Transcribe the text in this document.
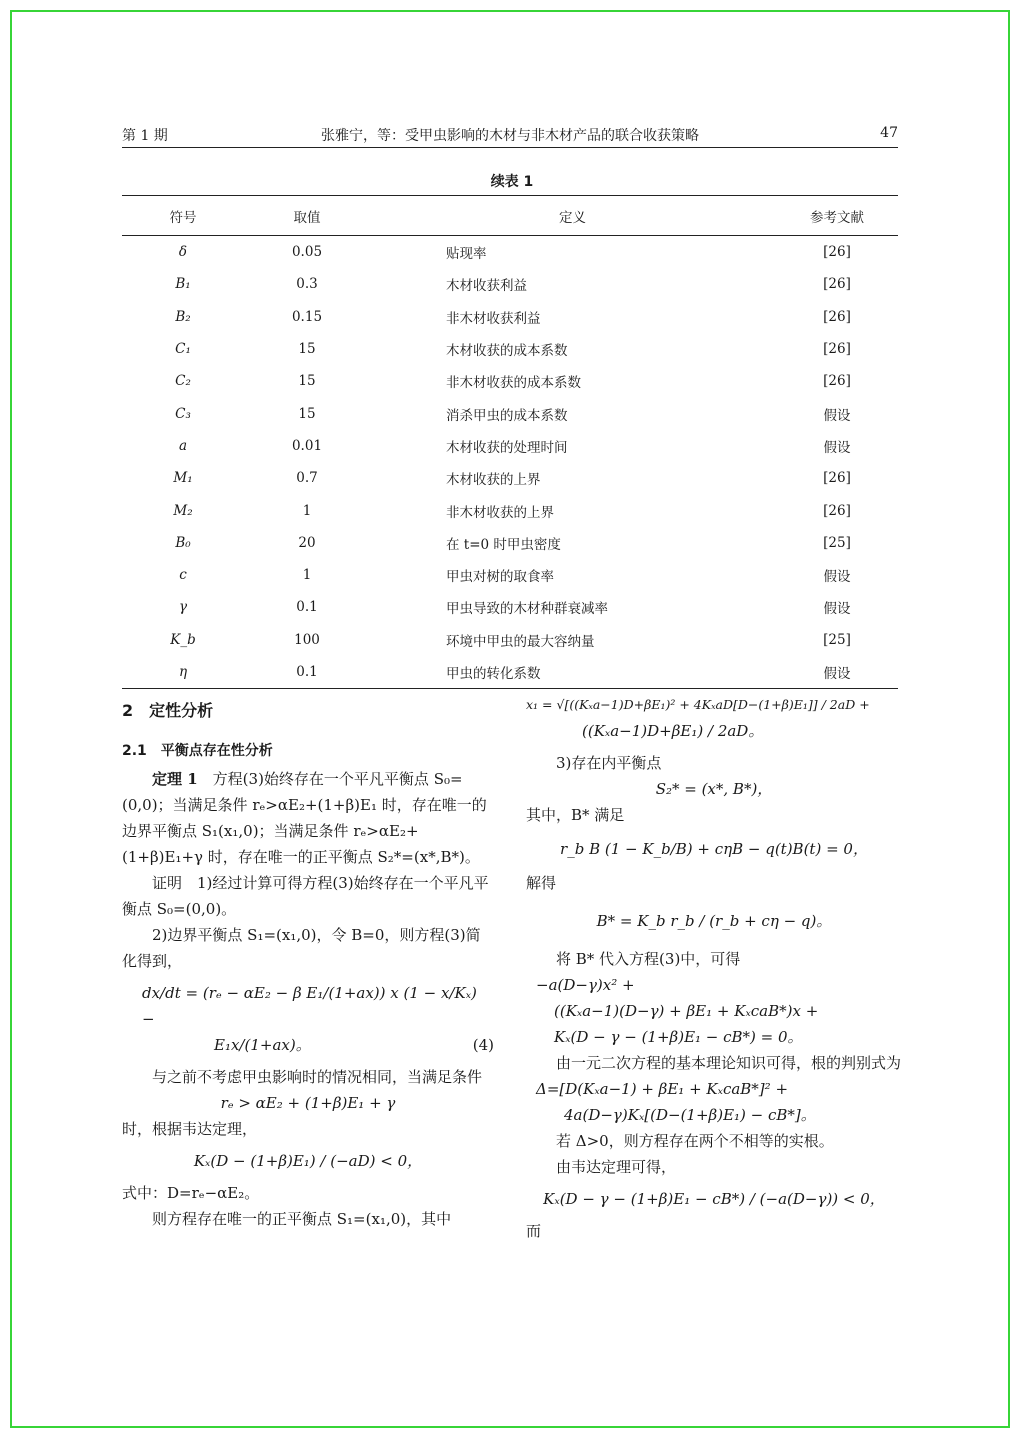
第 1 期	张雅宁，等：受甲虫影响的木材与非木材产品的联合收获策略	47
续表 1
符号	取值	定义	参考文献
δ	0.05	贴现率	[26]
B₁	0.3	木材收获利益	[26]
B₂	0.15	非木材收获利益	[26]
C₁	15	木材收获的成本系数	[26]
C₂	15	非木材收获的成本系数	[26]
C₃	15	消杀甲虫的成本系数	假设
a	0.01	木材收获的处理时间	假设
M₁	0.7	木材收获的上界	[26]
M₂	1	非木材收获的上界	[26]
B₀	20	在 t=0 时甲虫密度	[25]
c	1	甲虫对树的取食率	假设
γ	0.1	甲虫导致的木材种群衰减率	假设
K_b	100	环境中甲虫的最大容纳量	[25]
η	0.1	甲虫的转化系数	假设

2　定性分析

2.1　平衡点存在性分析

定理 1　方程(3)始终存在一个平凡平衡点 S₀=(0,0)；当满足条件 rₑ>αE₂+(1+β)E₁ 时，存在唯一的边界平衡点 S₁(x₁,0)；当满足条件 rₑ>αE₂+(1+β)E₁+γ 时，存在唯一的正平衡点 S₂*=(x*,B*)。

证明　1)经过计算可得方程(3)始终存在一个平凡平衡点 S₀=(0,0)。

2)边界平衡点 S₁=(x₁,0)，令 B=0，则方程(3)简化得到，

dx/dt = (rₑ − αE₂ − β E₁/(1+ax)) x (1 − x/Kₓ) −

E₁x/(1+ax)。	(4)

与之前不考虑甲虫影响时的情况相同，当满足条件

rₑ > αE₂ + (1+β)E₁ + γ

时，根据韦达定理，

Kₓ(D − (1+β)E₁) / (−aD) < 0，

式中：D=rₑ−αE₂。

则方程存在唯一的正平衡点 S₁=(x₁,0)，其中

x₁ = √[((Kₓa−1)D+βE₁)² + 4KₓaD[D−(1+β)E₁]] / 2aD +

((Kₓa−1)D+βE₁) / 2aD。

3)存在内平衡点

S₂* = (x*, B*)，

其中，B* 满足

r_b B (1 − K_b/B) + cηB − q(t)B(t) = 0，

解得

B* = K_b r_b / (r_b + cη − q)。

将 B* 代入方程(3)中，可得

−a(D−γ)x² +

((Kₓa−1)(D−γ) + βE₁ + KₓcaB*)x +

Kₓ(D − γ − (1+β)E₁ − cB*) = 0。

由一元二次方程的基本理论知识可得，根的判别式为

Δ=[D(Kₓa−1) + βE₁ + KₓcaB*]² +

4a(D−γ)Kₓ[(D−(1+β)E₁) − cB*]。

若 Δ>0，则方程存在两个不相等的实根。

由韦达定理可得，

Kₓ(D − γ − (1+β)E₁ − cB*) / (−a(D−γ)) < 0，

而
